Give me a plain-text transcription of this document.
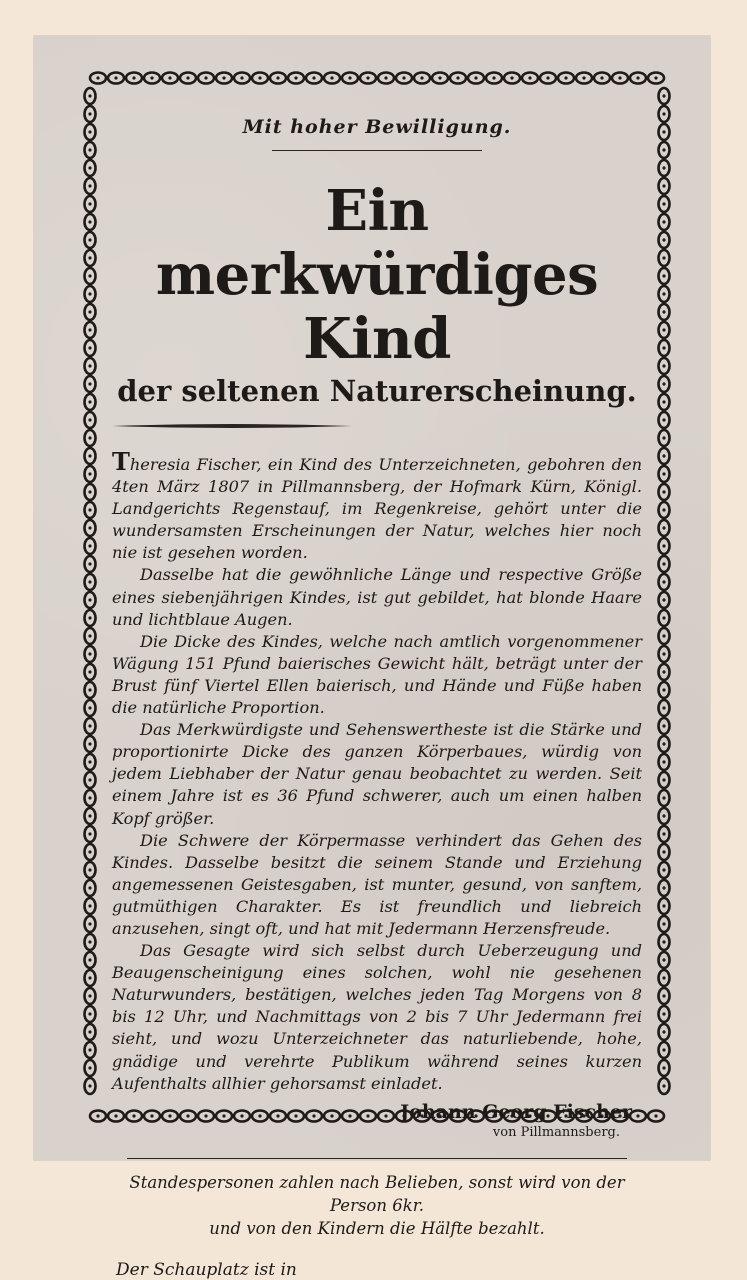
Mit hoher Bewilligung.
Ein merkwürdiges Kind
der seltenen Naturerscheinung.

Theresia Fischer, ein Kind des Unterzeichneten, gebohren den 4ten März 1807 in Pillmannsberg, der Hofmark Kürn, Königl. Landgerichts Regenstauf, im Regenkreise, gehört unter die wundersamsten Erscheinungen der Natur, welches hier noch nie ist gesehen worden.

Dasselbe hat die gewöhnliche Länge und respective Größe eines siebenjährigen Kindes, ist gut gebildet, hat blonde Haare und lichtblaue Augen.

Die Dicke des Kindes, welche nach amtlich vorgenommener Wägung 151 Pfund baierisches Gewicht hält, beträgt unter der Brust fünf Viertel Ellen baierisch, und Hände und Füße haben die natürliche Proportion.

Das Merkwürdigste und Sehenswertheste ist die Stärke und proportionirte Dicke des ganzen Körperbaues, würdig von jedem Liebhaber der Natur genau beobachtet zu werden. Seit einem Jahre ist es 36 Pfund schwerer, auch um einen halben Kopf größer.

Die Schwere der Körpermasse verhindert das Gehen des Kindes. Dasselbe besitzt die seinem Stande und Erziehung angemessenen Geistesgaben, ist munter, gesund, von sanftem, gutmüthigen Charakter. Es ist freundlich und liebreich anzusehen, singt oft, und hat mit Jedermann Herzensfreude.

Das Gesagte wird sich selbst durch Ueberzeugung und Beaugenscheinigung eines solchen, wohl nie gesehenen Naturwunders, bestätigen, welches jeden Tag Morgens von 8 bis 12 Uhr, und Nachmittags von 2 bis 7 Uhr Jedermann frei sieht, und wozu Unterzeichneter das naturliebende, hohe, gnädige und verehrte Publikum während seines kurzen Aufenthalts allhier gehorsamst einladet.

Johann Georg Fischer
von Pillmannsberg.
Standespersonen zahlen nach Belieben, sonst wird von der Person 6kr.
und von den Kindern die Hälfte bezahlt.
Der Schauplatz ist in
